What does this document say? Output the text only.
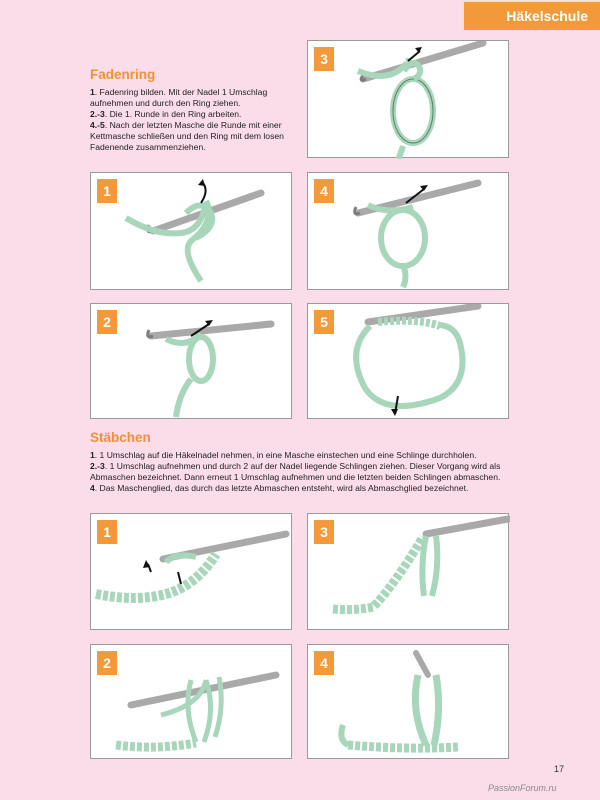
Häkelschule
Fadenring
1. Fadenring bilden. Mit der Nadel 1 Umschlag aufnehmen und durch den Ring ziehen.
2.-3. Die 1. Runde in den Ring arbeiten.
4.-5. Nach der letzten Masche die Runde mit einer Kettmasche schließen und den Ring mit dem losen Fadenende zusammenziehen.
3
1	4
2	5
Stäbchen
1. 1 Umschlag auf die Häkelnadel nehmen, in eine Masche einstechen und eine Schlinge durchholen.
2.-3. 1 Umschlag aufnehmen und durch 2 auf der Nadel liegende Schlingen ziehen. Dieser Vorgang wird als Abmaschen bezeichnet. Dann erneut 1 Umschlag aufnehmen und die letzten beiden Schlingen abmaschen.
4. Das Maschenglied, das durch das letzte Abmaschen entsteht, wird als Abmaschglied bezeichnet.
1	3
2	4
17
PassionForum.ru
